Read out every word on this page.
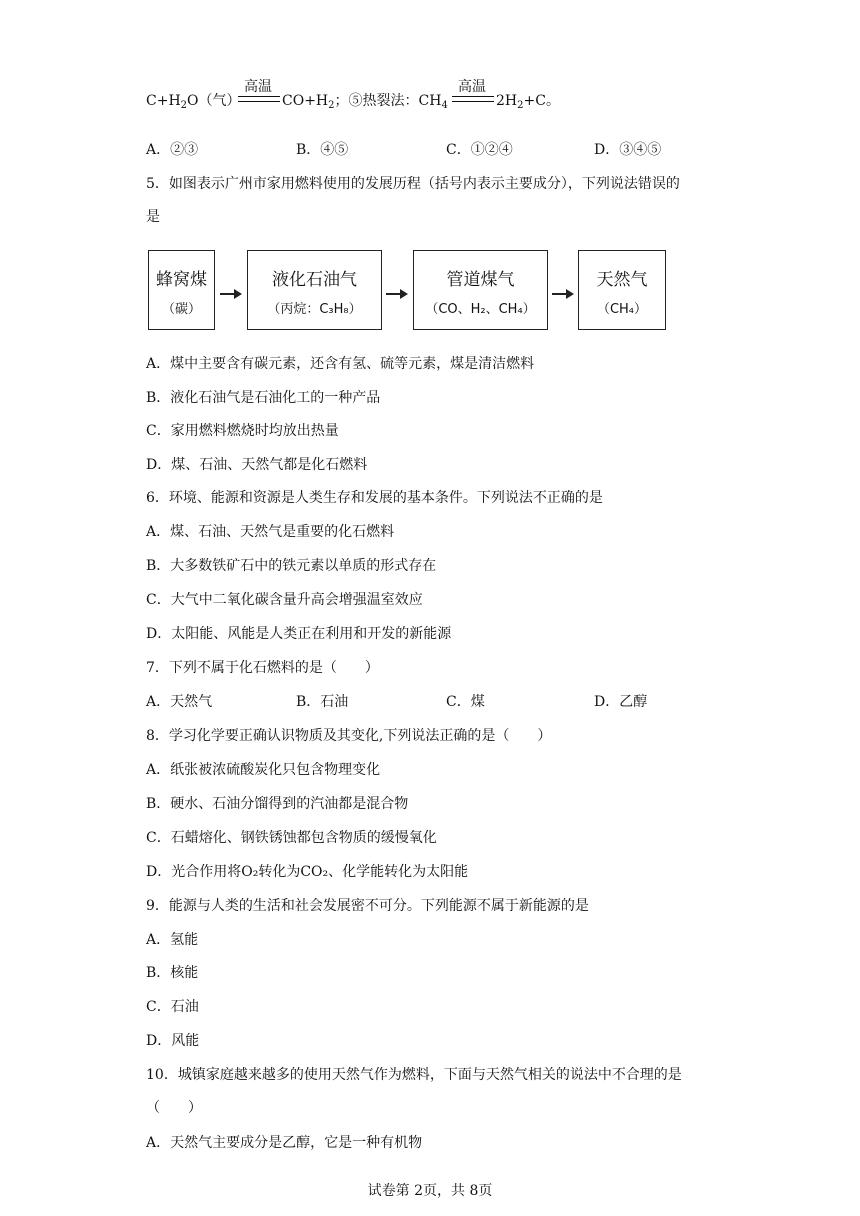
$C+H_2O$（气）
高温
$CO+H_2$；⑤热裂法：$CH_4$
高温
$2H_2+C$。
A．②③	B．④⑤	C．①②④	D．③④⑤
5．如图表示广州市家用燃料使用的发展历程（括号内表示主要成分），下列说法错误的
是
蜂窝煤
（碳）
液化石油气
（丙烷：C₃H₈）
管道煤气
（CO、H₂、CH₄）
天然气
（CH₄）
A．煤中主要含有碳元素，还含有氢、硫等元素，煤是清洁燃料
B．液化石油气是石油化工的一种产品
C．家用燃料燃烧时均放出热量
D．煤、石油、天然气都是化石燃料
6．环境、能源和资源是人类生存和发展的基本条件。下列说法不正确的是
A．煤、石油、天然气是重要的化石燃料
B．大多数铁矿石中的铁元素以单质的形式存在
C．大气中二氧化碳含量升高会增强温室效应
D．太阳能、风能是人类正在利用和开发的新能源
7．下列不属于化石燃料的是（　　）
A．天然气	B．石油	C．煤	D．乙醇
8．学习化学要正确认识物质及其变化,下列说法正确的是（　　）
A．纸张被浓硫酸炭化只包含物理变化
B．硬水、石油分馏得到的汽油都是混合物
C．石蜡熔化、钢铁锈蚀都包含物质的缓慢氧化
D．光合作用将O₂转化为CO₂、化学能转化为太阳能
9．能源与人类的生活和社会发展密不可分。下列能源不属于新能源的是
A．氢能
B．核能
C．石油
D．风能
10．城镇家庭越来越多的使用天然气作为燃料，下面与天然气相关的说法中不合理的是
（　　）
A．天然气主要成分是乙醇，它是一种有机物
试卷第 2页，共 8页
